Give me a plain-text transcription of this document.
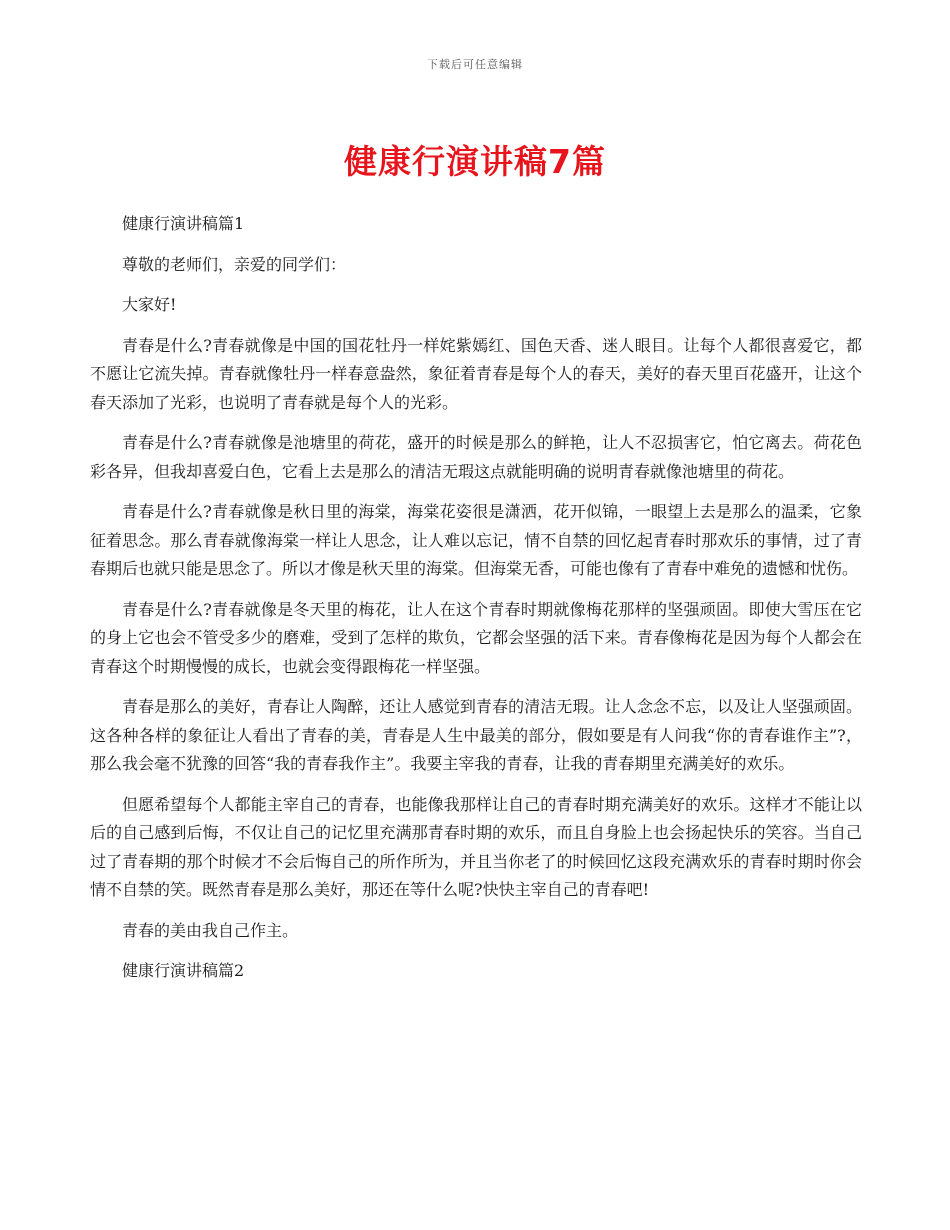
下载后可任意编辑
健康行演讲稿7篇

健康行演讲稿篇1

尊敬的老师们，亲爱的同学们：

大家好!

青春是什么?青春就像是中国的国花牡丹一样姹紫嫣红、国色天香、迷人眼目。让每个人都很喜爱它，都不愿让它流失掉。青春就像牡丹一样春意盎然，象征着青春是每个人的春天，美好的春天里百花盛开，让这个春天添加了光彩，也说明了青春就是每个人的光彩。

青春是什么?青春就像是池塘里的荷花，盛开的时候是那么的鲜艳，让人不忍损害它，怕它离去。荷花色彩各异，但我却喜爱白色，它看上去是那么的清洁无瑕这点就能明确的说明青春就像池塘里的荷花。

青春是什么?青春就像是秋日里的海棠，海棠花姿很是潇洒，花开似锦，一眼望上去是那么的温柔，它象征着思念。那么青春就像海棠一样让人思念，让人难以忘记，情不自禁的回忆起青春时那欢乐的事情，过了青春期后也就只能是思念了。所以才像是秋天里的海棠。但海棠无香，可能也像有了青春中难免的遗憾和忧伤。

青春是什么?青春就像是冬天里的梅花，让人在这个青春时期就像梅花那样的坚强顽固。即使大雪压在它的身上它也会不管受多少的磨难，受到了怎样的欺负，它都会坚强的活下来。青春像梅花是因为每个人都会在青春这个时期慢慢的成长，也就会变得跟梅花一样坚强。

青春是那么的美好，青春让人陶醉，还让人感觉到青春的清洁无瑕。让人念念不忘，以及让人坚强顽固。这各种各样的象征让人看出了青春的美，青春是人生中最美的部分，假如要是有人问我“你的青春谁作主”?，那么我会毫不犹豫的回答“我的青春我作主”。我要主宰我的青春，让我的青春期里充满美好的欢乐。

但愿希望每个人都能主宰自己的青春，也能像我那样让自己的青春时期充满美好的欢乐。这样才不能让以后的自己感到后悔，不仅让自己的记忆里充满那青春时期的欢乐，而且自身脸上也会扬起快乐的笑容。当自己过了青春期的那个时候才不会后悔自己的所作所为，并且当你老了的时候回忆这段充满欢乐的青春时期时你会情不自禁的笑。既然青春是那么美好，那还在等什么呢?快快主宰自己的青春吧!

青春的美由我自己作主。

健康行演讲稿篇2
